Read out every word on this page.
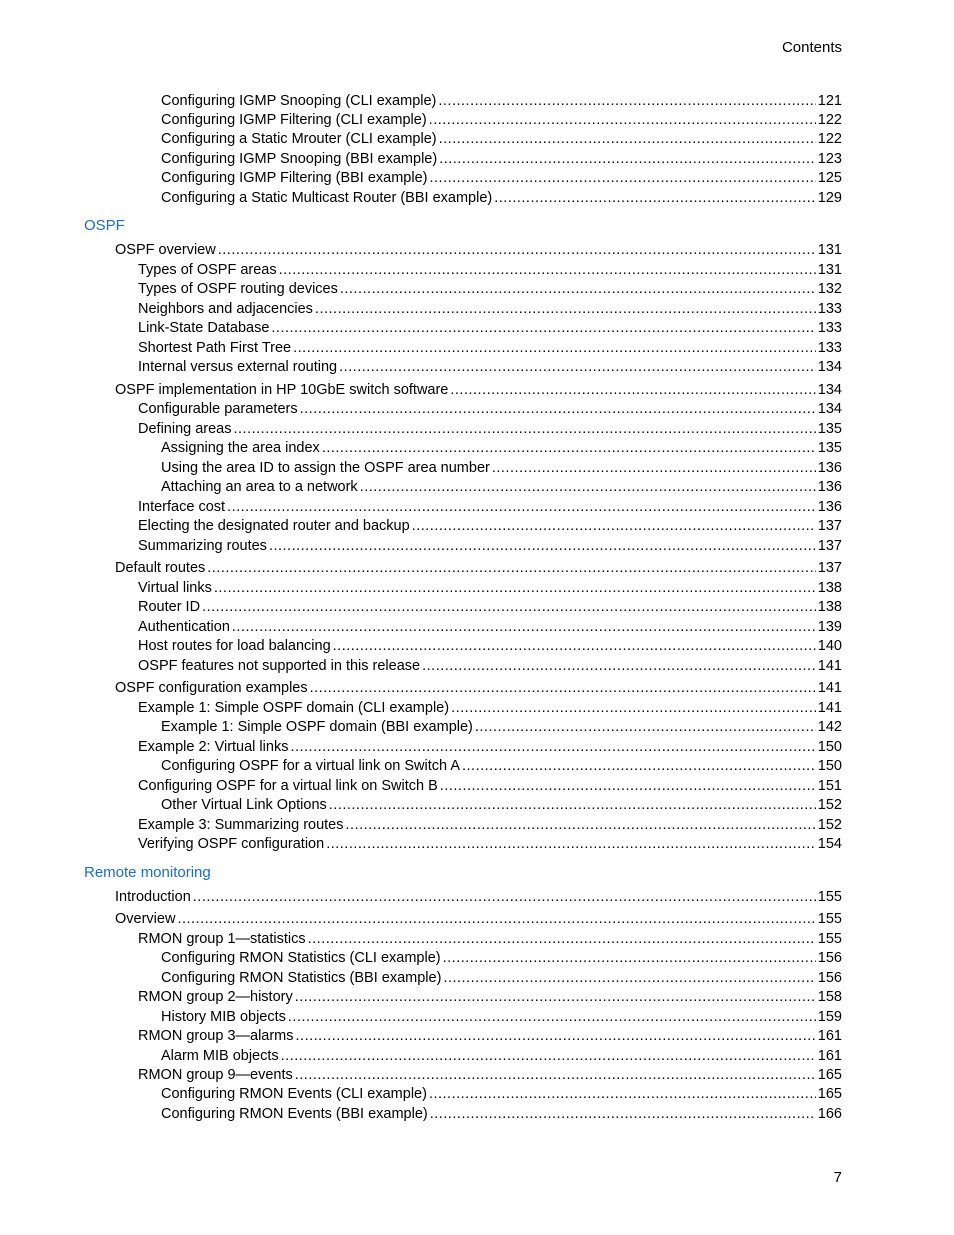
Contents
Configuring IGMP Snooping (CLI example) .....	121
Configuring IGMP Filtering (CLI example) .....	122
Configuring a Static Mrouter (CLI example) .....	122
Configuring IGMP Snooping (BBI example) .....	123
Configuring IGMP Filtering (BBI example) .....	125
Configuring a Static Multicast Router (BBI example) .....	129
OSPF
OSPF overview .....	131
Types of OSPF areas .....	131
Types of OSPF routing devices .....	132
Neighbors and adjacencies .....	133
Link-State Database .....	133
Shortest Path First Tree .....	133
Internal versus external routing .....	134
OSPF implementation in HP 10GbE switch software .....	134
Configurable parameters .....	134
Defining areas .....	135
Assigning the area index .....	135
Using the area ID to assign the OSPF area number .....	136
Attaching an area to a network .....	136
Interface cost .....	136
Electing the designated router and backup .....	137
Summarizing routes .....	137
Default routes .....	137
Virtual links .....	138
Router ID .....	138
Authentication .....	139
Host routes for load balancing .....	140
OSPF features not supported in this release .....	141
OSPF configuration examples .....	141
Example 1: Simple OSPF domain (CLI example) .....	141
Example 1: Simple OSPF domain (BBI example) .....	142
Example 2: Virtual links .....	150
Configuring OSPF for a virtual link on Switch A .....	150
Configuring OSPF for a virtual link on Switch B .....	151
Other Virtual Link Options .....	152
Example 3: Summarizing routes .....	152
Verifying OSPF configuration .....	154
Remote monitoring
Introduction .....	155
Overview .....	155
RMON group 1—statistics .....	155
Configuring RMON Statistics (CLI example) .....	156
Configuring RMON Statistics (BBI example) .....	156
RMON group 2—history .....	158
History MIB objects .....	159
RMON group 3—alarms .....	161
Alarm MIB objects .....	161
RMON group 9—events .....	165
Configuring RMON Events (CLI example) .....	165
Configuring RMON Events (BBI example) .....	166
7
